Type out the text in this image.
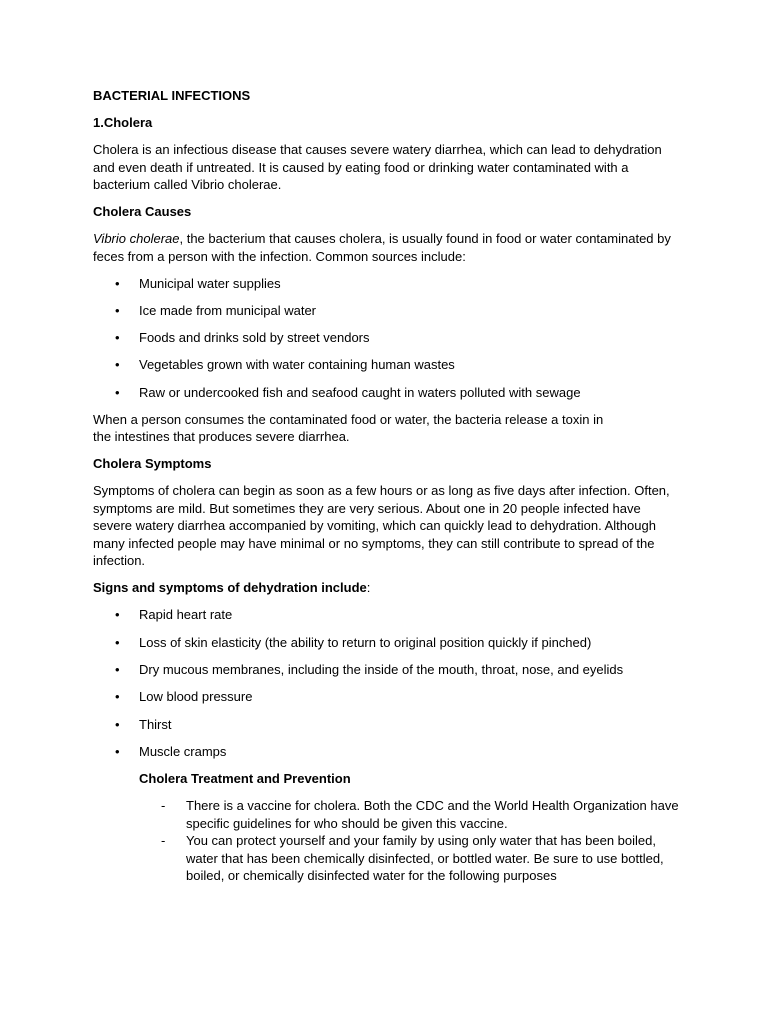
BACTERIAL INFECTIONS

1.Cholera

Cholera is an infectious disease that causes severe watery diarrhea, which can lead to dehydration and even death if untreated. It is caused by eating food or drinking water contaminated with a bacterium called Vibrio cholerae.

Cholera Causes

Vibrio cholerae, the bacterium that causes cholera, is usually found in food or water contaminated by feces from a person with the infection. Common sources include:

• Municipal water supplies
• Ice made from municipal water
• Foods and drinks sold by street vendors
• Vegetables grown with water containing human wastes
• Raw or undercooked fish and seafood caught in waters polluted with sewage

When a person consumes the contaminated food or water, the bacteria release a toxin in
the intestines that produces severe diarrhea.

Cholera Symptoms

Symptoms of cholera can begin as soon as a few hours or as long as five days after infection. Often, symptoms are mild. But sometimes they are very serious. About one in 20 people infected have severe watery diarrhea accompanied by vomiting, which can quickly lead to dehydration. Although many infected people may have minimal or no symptoms, they can still contribute to spread of the infection.

Signs and symptoms of dehydration include:

• Rapid heart rate
• Loss of skin elasticity (the ability to return to original position quickly if pinched)
• Dry mucous membranes, including the inside of the mouth, throat, nose, and eyelids
• Low blood pressure
• Thirst
• Muscle cramps

Cholera Treatment and Prevention

- There is a vaccine for cholera. Both the CDC and the World Health Organization have specific guidelines for who should be given this vaccine.
- You can protect yourself and your family by using only water that has been boiled, water that has been chemically disinfected, or bottled water. Be sure to use bottled, boiled, or chemically disinfected water for the following purposes
